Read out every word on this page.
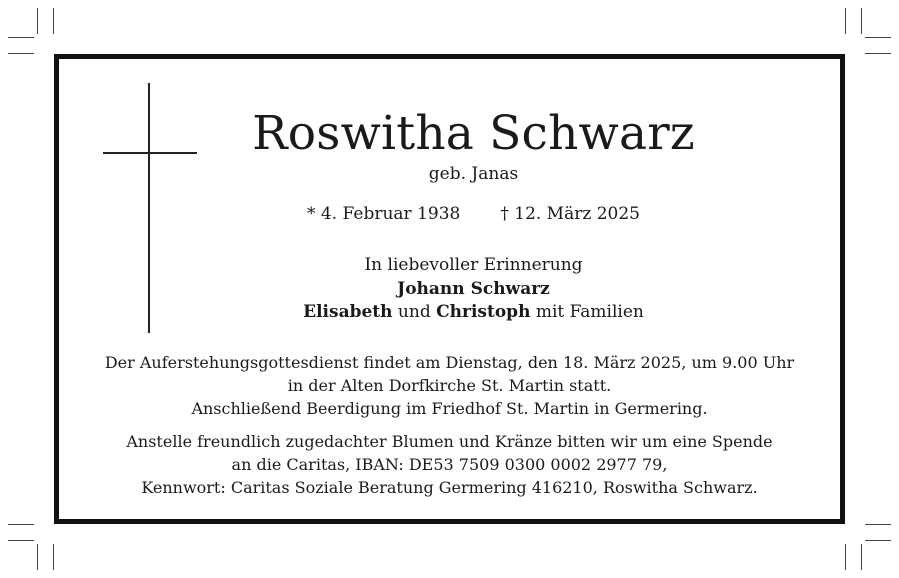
Roswitha Schwarz
geb. Janas
* 4. Februar 1938 † 12. März 2025
In liebevoller Erinnerung
Johann Schwarz
Elisabeth und Christoph mit Familien
Der Auferstehungsgottesdienst findet am Dienstag, den 18. März 2025, um 9.00 Uhr
in der Alten Dorfkirche St. Martin statt.
Anschließend Beerdigung im Friedhof St. Martin in Germering.
Anstelle freundlich zugedachter Blumen und Kränze bitten wir um eine Spende
an die Caritas, IBAN: DE53 7509 0300 0002 2977 79,
Kennwort: Caritas Soziale Beratung Germering 416210, Roswitha Schwarz.
